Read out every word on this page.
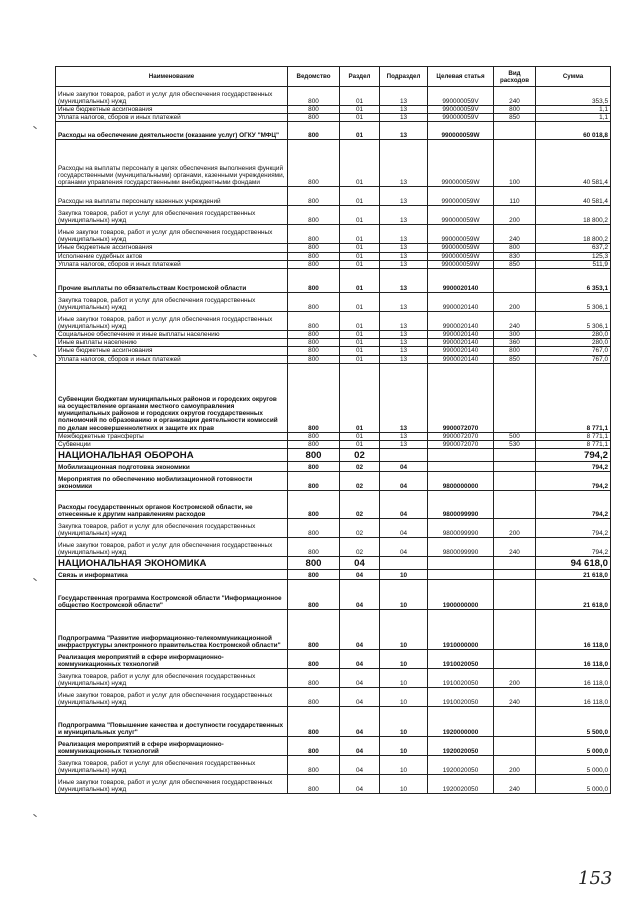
Наименование	Ведомство	Раздел	Подраздел	Целевая статья	Вид расходов	Сумма
Иные закупки товаров, работ и услуг для обеспечения государственных (муниципальных) нужд	800	01	13	990000059V	240	353,5
Иные бюджетные ассигнования	800	01	13	990000059V	800	1,1
Уплата налогов, сборов и иных платежей	800	01	13	990000059V	850	1,1
Расходы на обеспечение деятельности (оказание услуг) ОГКУ "МФЦ"	800	01	13	990000059W		60 018,8
Расходы на выплаты персоналу в целях обеспечения выполнения функций государственными (муниципальными) органами, казенными учреждениями, органами управления государственными внебюджетными фондами	800	01	13	990000059W	100	40 581,4
Расходы на выплаты персоналу казенных учреждений	800	01	13	990000059W	110	40 581,4
Закупка товаров, работ и услуг для обеспечения государственных (муниципальных) нужд	800	01	13	990000059W	200	18 800,2
Иные закупки товаров, работ и услуг для обеспечения государственных (муниципальных) нужд	800	01	13	990000059W	240	18 800,2
Иные бюджетные ассигнования	800	01	13	990000059W	800	637,2
Исполнение судебных актов	800	01	13	990000059W	830	125,3
Уплата налогов, сборов и иных платежей	800	01	13	990000059W	850	511,9
Прочие выплаты по обязательствам Костромской области	800	01	13	9900020140		6 353,1
Закупка товаров, работ и услуг для обеспечения государственных (муниципальных) нужд	800	01	13	9900020140	200	5 306,1
Иные закупки товаров, работ и услуг для обеспечения государственных (муниципальных) нужд	800	01	13	9900020140	240	5 306,1
Социальное обеспечение и иные выплаты населению	800	01	13	9900020140	300	280,0
Иные выплаты населению	800	01	13	9900020140	360	280,0
Иные бюджетные ассигнования	800	01	13	9900020140	800	767,0
Уплата налогов, сборов и иных платежей	800	01	13	9900020140	850	767,0
Субвенции бюджетам муниципальных районов и городских округов на осуществление органами местного самоуправления муниципальных районов и городских округов государственных полномочий по образованию и организации деятельности комиссий по делам несовершеннолетних и защите их прав	800	01	13	9900072070		8 771,1
Межбюджетные трансферты	800	01	13	9900072070	500	8 771,1
Субвенции	800	01	13	9900072070	530	8 771,1
НАЦИОНАЛЬНАЯ ОБОРОНА	800	02				794,2
Мобилизационная подготовка экономики	800	02	04			794,2
Мероприятия по обеспечению мобилизационной готовности экономики	800	02	04	9800000000		794,2
Расходы государственных органов Костромской области, не отнесенные к другим направлениям расходов	800	02	04	9800099990		794,2
Закупка товаров, работ и услуг для обеспечения государственных (муниципальных) нужд	800	02	04	9800099990	200	794,2
Иные закупки товаров, работ и услуг для обеспечения государственных (муниципальных) нужд	800	02	04	9800099990	240	794,2
НАЦИОНАЛЬНАЯ ЭКОНОМИКА	800	04				94 618,0
Связь и информатика	800	04	10			21 618,0
Государственная программа Костромской области "Информационное общество Костромской области"	800	04	10	1900000000		21 618,0
Подпрограмма "Развитие информационно-телекоммуникационной инфраструктуры электронного правительства Костромской области"	800	04	10	1910000000		16 118,0
Реализация мероприятий в сфере информационно-коммуникационных технологий	800	04	10	1910020050		16 118,0
Закупка товаров, работ и услуг для обеспечения государственных (муниципальных) нужд	800	04	10	1910020050	200	16 118,0
Иные закупки товаров, работ и услуг для обеспечения государственных (муниципальных) нужд	800	04	10	1910020050	240	16 118,0
Подпрограмма "Повышение качества и доступности государственных и муниципальных услуг"	800	04	10	1920000000		5 500,0
Реализация мероприятий в сфере информационно-коммуникационных технологий	800	04	10	1920020050		5 000,0
Закупка товаров, работ и услуг для обеспечения государственных (муниципальных) нужд	800	04	10	1920020050	200	5 000,0
Иные закупки товаров, работ и услуг для обеспечения государственных (муниципальных) нужд	800	04	10	1920020050	240	5 000,0
153
